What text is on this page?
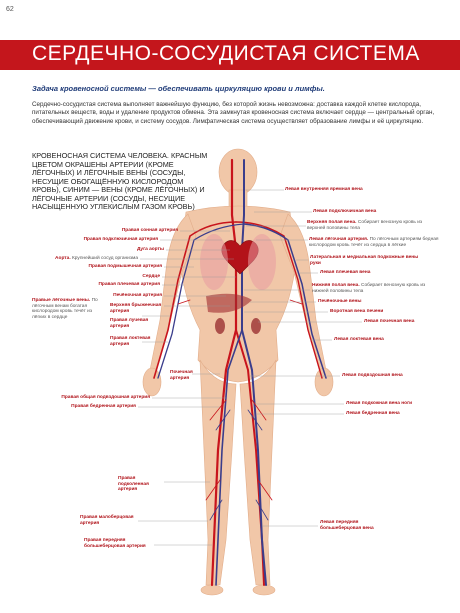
62
СЕРДЕЧНО-СОСУДИСТАЯ СИСТЕМА
Задача кровеносной системы — обеспечивать циркуляцию крови и лимфы.
Сердечно-сосудистая система выполняет важнейшую функцию, без которой жизнь невозможна: доставка каждой клетке кислорода, питательных веществ, воды и удаление продуктов обмена. Эта замкнутая кровеносная система включает сердце — центральный орган, обеспечивающий движение крови, и систему сосудов. Лимфатическая система осуществляет образование лимфы и её циркуляцию.
КРОВЕНОСНАЯ СИСТЕМА ЧЕЛОВЕКА. КРАСНЫМ ЦВЕТОМ ОКРАШЕНЫ АРТЕРИИ (КРОМЕ ЛЁГОЧНЫХ) И ЛЁГОЧНЫЕ ВЕНЫ (СОСУДЫ, НЕСУЩИЕ ОБОГАЩЁННУЮ КИСЛОРОДОМ КРОВЬ), СИНИМ — ВЕНЫ (КРОМЕ ЛЁГОЧНЫХ) И ЛЁГОЧНЫЕ АРТЕРИИ (СОСУДЫ, НЕСУЩИЕ НАСЫЩЕННУЮ УГЛЕКИСЛЫМ ГАЗОМ КРОВЬ)
Левая внутренняя яремная вена
Левая подключичная вена
Верхняя полая вена. Собирает венозную кровь из верхней половины тела
Левая лёгочная артерия. По лёгочным артериям бедная кислородом кровь течёт из сердца в лёгкие
Латеральная и медиальная подкожные вены руки
Левая плечевая вена
Нижняя полая вена. Собирает венозную кровь из нижней половины тела
Печёночные вены
Воротная вена печени
Левая почечная вена
Левая локтевая вена
Левая подвздошная вена
Левая подкожная вена ноги
Левая бедренная вена
Левая передняя большеберцовая вена
Правая сонная артерия
Правая подключичная артерия
Дуга аорты
Аорта. Крупнейший сосуд организма
Правая подмышечная артерия
Сердце
Правая плечевая артерия
Правые лёгочные вены. По лёгочным венам богатая кислородом кровь течёт из лёгких в сердце
Печёночная артерия
Верхняя брыжеечная артерия
Правая лучевая артерия
Правая локтевая артерия
Почечная артерия
Правая общая подвздошная артерия
Правая бедренная артерия
Правая подколенная артерия
Правая малоберцовая артерия
Правая передняя большеберцовая артерия
